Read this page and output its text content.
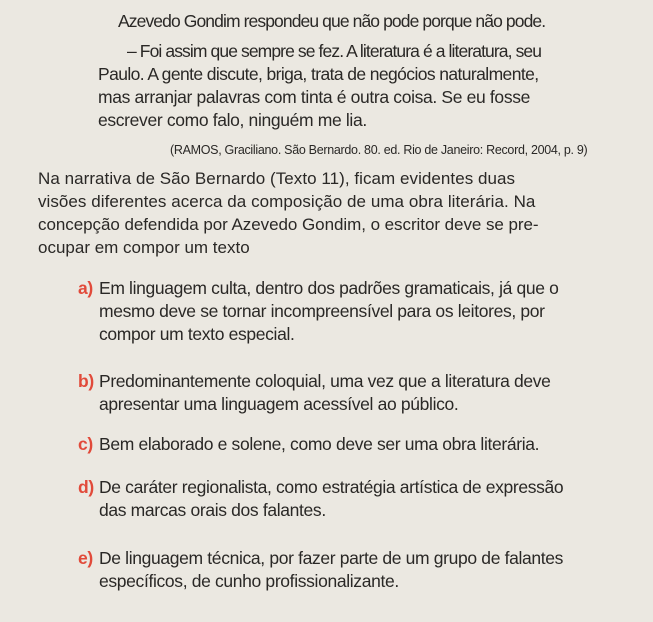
Azevedo Gondim respondeu que não pode porque não pode.
– Foi assim que sempre se fez. A literatura é a literatura, seu
Paulo. A gente discute, briga, trata de negócios naturalmente,
mas arranjar palavras com tinta é outra coisa. Se eu fosse
escrever como falo, ninguém me lia.
(RAMOS, Graciliano. São Bernardo. 80. ed. Rio de Janeiro: Record, 2004, p. 9)
Na narrativa de São Bernardo (Texto 11), ficam evidentes duas
visões diferentes acerca da composição de uma obra literária. Na
concepção defendida por Azevedo Gondim, o escritor deve se pre-
ocupar em compor um texto
a) Em linguagem culta, dentro dos padrões gramaticais, já que o
mesmo deve se tornar incompreensível para os leitores, por
compor um texto especial.
b) Predominantemente coloquial, uma vez que a literatura deve
apresentar uma linguagem acessível ao público.
c) Bem elaborado e solene, como deve ser uma obra literária.
d) De caráter regionalista, como estratégia artística de expressão
das marcas orais dos falantes.
e) De linguagem técnica, por fazer parte de um grupo de falantes
específicos, de cunho profissionalizante.
